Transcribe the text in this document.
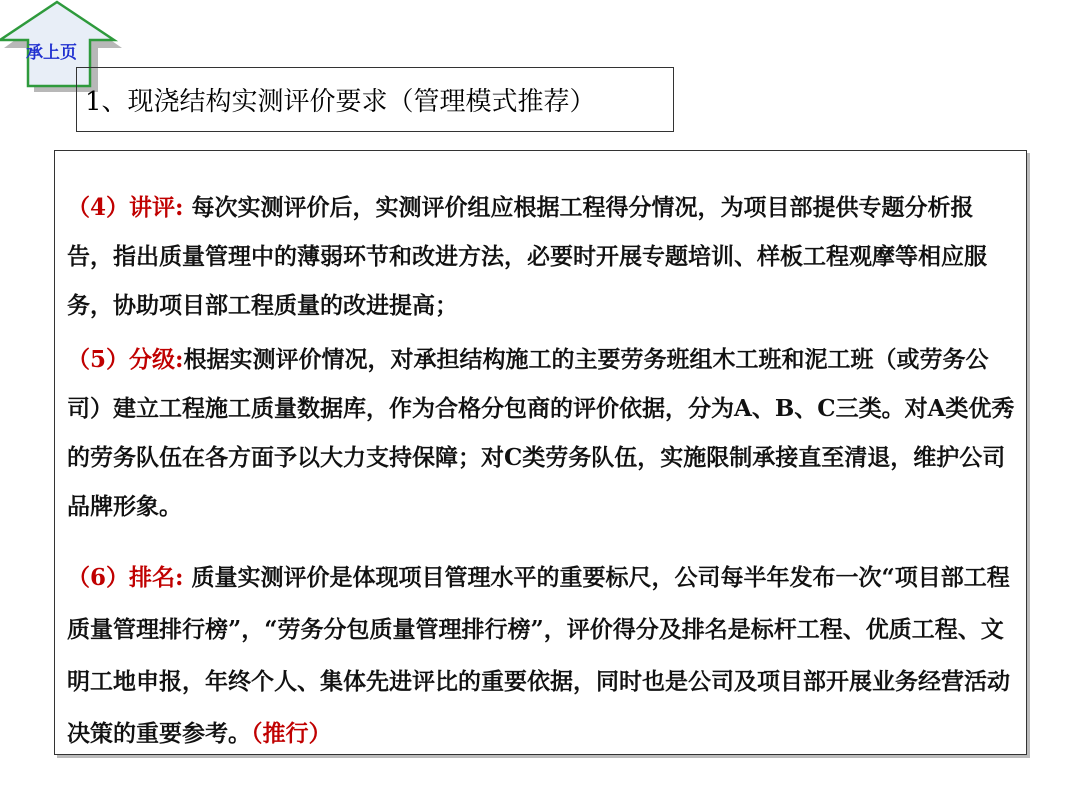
承上页
1、现浇结构实测评价要求（管理模式推荐）
（4）讲评: 每次实测评价后，实测评价组应根据工程得分情况，为项目部提供专题分析报告，指出质量管理中的薄弱环节和改进方法，必要时开展专题培训、样板工程观摩等相应服务，协助项目部工程质量的改进提高；
（5）分级:根据实测评价情况，对承担结构施工的主要劳务班组木工班和泥工班（或劳务公司）建立工程施工质量数据库，作为合格分包商的评价依据，分为A、B、C三类。对A类优秀的劳务队伍在各方面予以大力支持保障；对C类劳务队伍，实施限制承接直至清退，维护公司品牌形象。
（6）排名: 质量实测评价是体现项目管理水平的重要标尺，公司每半年发布一次“项目部工程质量管理排行榜”，“劳务分包质量管理排行榜”，评价得分及排名是标杆工程、优质工程、文明工地申报，年终个人、集体先进评比的重要依据，同时也是公司及项目部开展业务经营活动决策的重要参考。（推行）
